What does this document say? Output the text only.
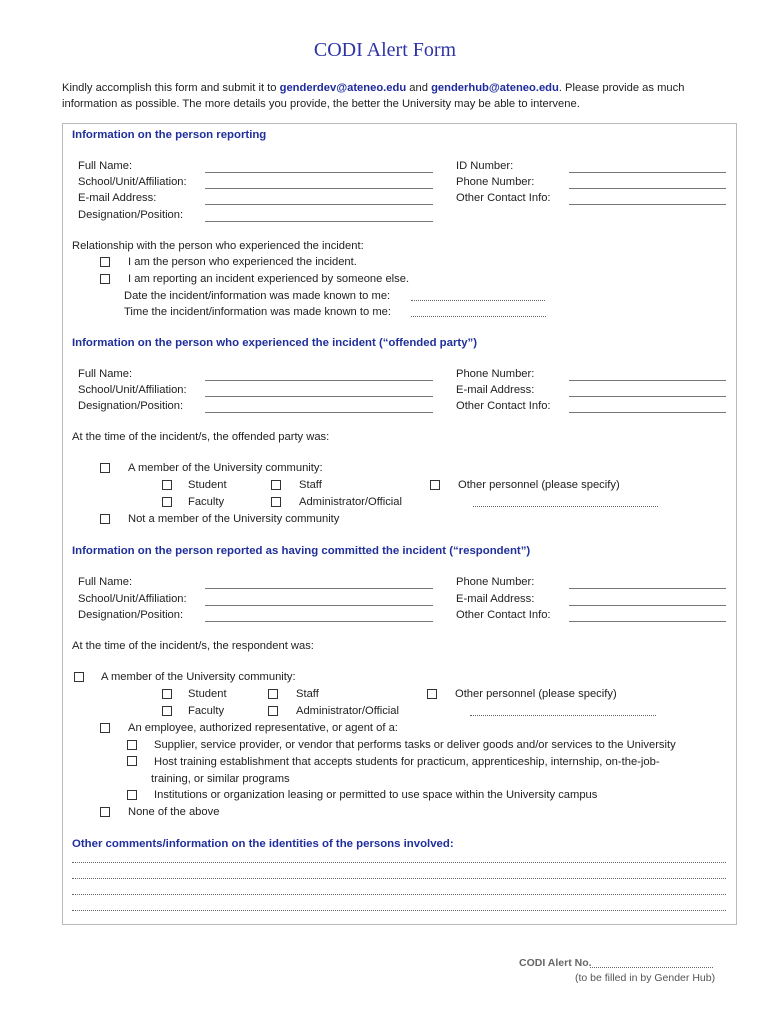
CODI Alert Form
Kindly accomplish this form and submit it to genderdev@ateneo.edu and genderhub@ateneo.edu. Please provide as much
information as possible. The more details you provide, the better the University may be able to intervene.
Information on the person reporting
Full Name:
School/Unit/Affiliation:
E-mail Address:
Designation/Position:
ID Number:
Phone Number:
Other Contact Info:
Relationship with the person who experienced the incident:
I am the person who experienced the incident.
I am reporting an incident experienced by someone else.
Date the incident/information was made known to me:
Time the incident/information was made known to me:
Information on the person who experienced the incident (“offended party”)
Full Name:
School/Unit/Affiliation:
Designation/Position:
Phone Number:
E-mail Address:
Other Contact Info:
At the time of the incident/s, the offended party was:
A member of the University community:
Student	Staff	Other personnel (please specify)
Faculty	Administrator/Official
Not a member of the University community
Information on the person reported as having committed the incident (“respondent”)
Full Name:
School/Unit/Affiliation:
Designation/Position:
Phone Number:
E-mail Address:
Other Contact Info:
At the time of the incident/s, the respondent was:
A member of the University community:
Student	Staff	Other personnel (please specify)
Faculty	Administrator/Official
An employee, authorized representative, or agent of a:
Supplier, service provider, or vendor that performs tasks or deliver goods and/or services to the University
Host training establishment that accepts students for practicum, apprenticeship, internship, on-the-job-
training, or similar programs
Institutions or organization leasing or permitted to use space within the University campus
None of the above
Other comments/information on the identities of the persons involved:
CODI Alert No.
(to be filled in by Gender Hub)
